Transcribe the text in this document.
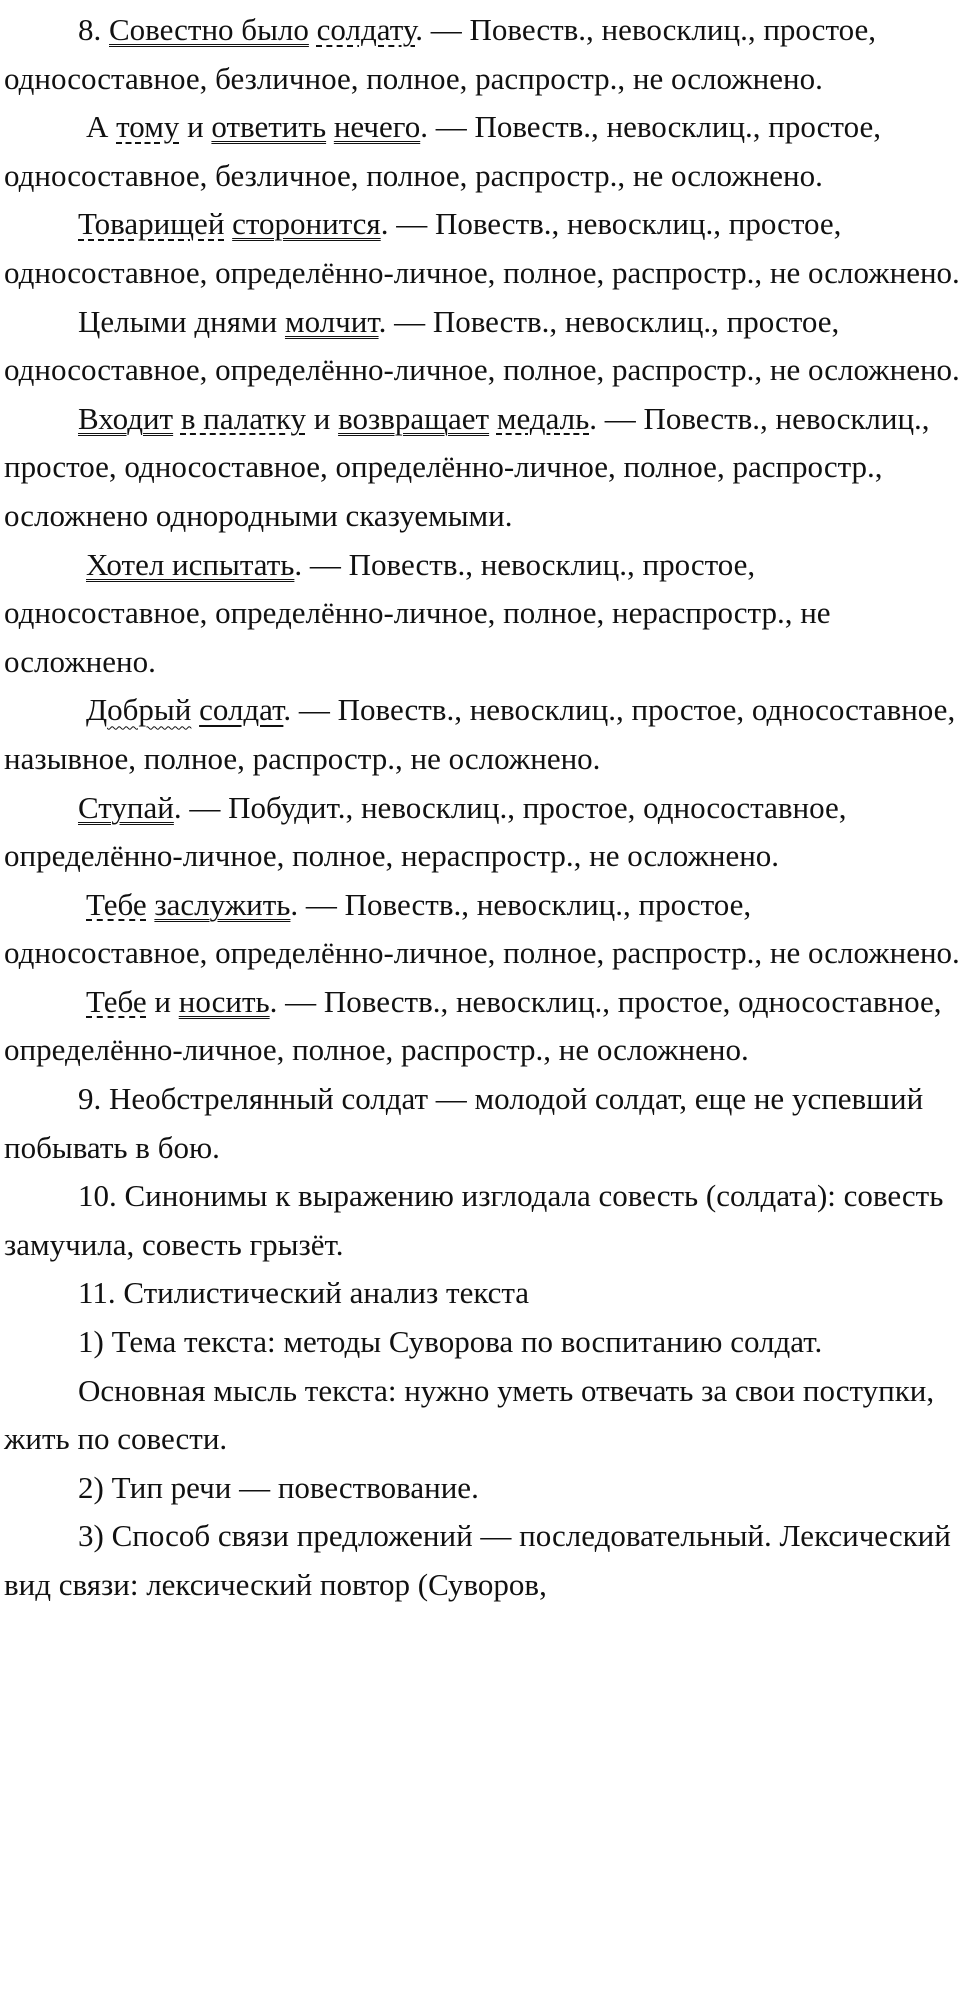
8. Совестно было солдату. — Повеств., невосклиц., простое, односоставное, безличное, полное, распростр., не осложнено.

А тому и ответить нечего. — Повеств., невосклиц., простое, односоставное, безличное, полное, распростр., не осложнено.

Товарищей сторонится. — Повеств., невосклиц., простое, односоставное, определённо-личное, полное, распростр., не осложнено.

Целыми днями молчит. — Повеств., невосклиц., простое, односоставное, определённо-личное, полное, распростр., не осложнено.

Входит в палатку и возвращает медаль. — Повеств., невосклиц., простое, односоставное, определённо-личное, полное, распростр., осложнено однородными сказуемыми.

Хотел испытать. — Повеств., невосклиц., простое, односоставное, определённо-личное, полное, нераспростр., не осложнено.

Добрый солдат. — Повеств., невосклиц., простое, односоставное, назывное, полное, распростр., не осложнено.

Ступай. — Побудит., невосклиц., простое, односоставное, определённо-личное, полное, нераспростр., не осложнено.

Тебе заслужить. — Повеств., невосклиц., простое, односоставное, определённо-личное, полное, распростр., не осложнено.

Тебе и носить. — Повеств., невосклиц., простое, односоставное, определённо-личное, полное, распростр., не осложнено.

9. Необстрелянный солдат — молодой солдат, еще не успевший побывать в бою.

10. Синонимы к выражению изглодала совесть (солдата): совесть замучила, совесть грызёт.

11. Стилистический анализ текста

1) Тема текста: методы Суворова по воспитанию солдат.

Основная мысль текста: нужно уметь отвечать за свои поступки, жить по совести.

2) Тип речи — повествование.

3) Способ связи предложений — последовательный. Лексический вид связи: лексический повтор (Суворов,
